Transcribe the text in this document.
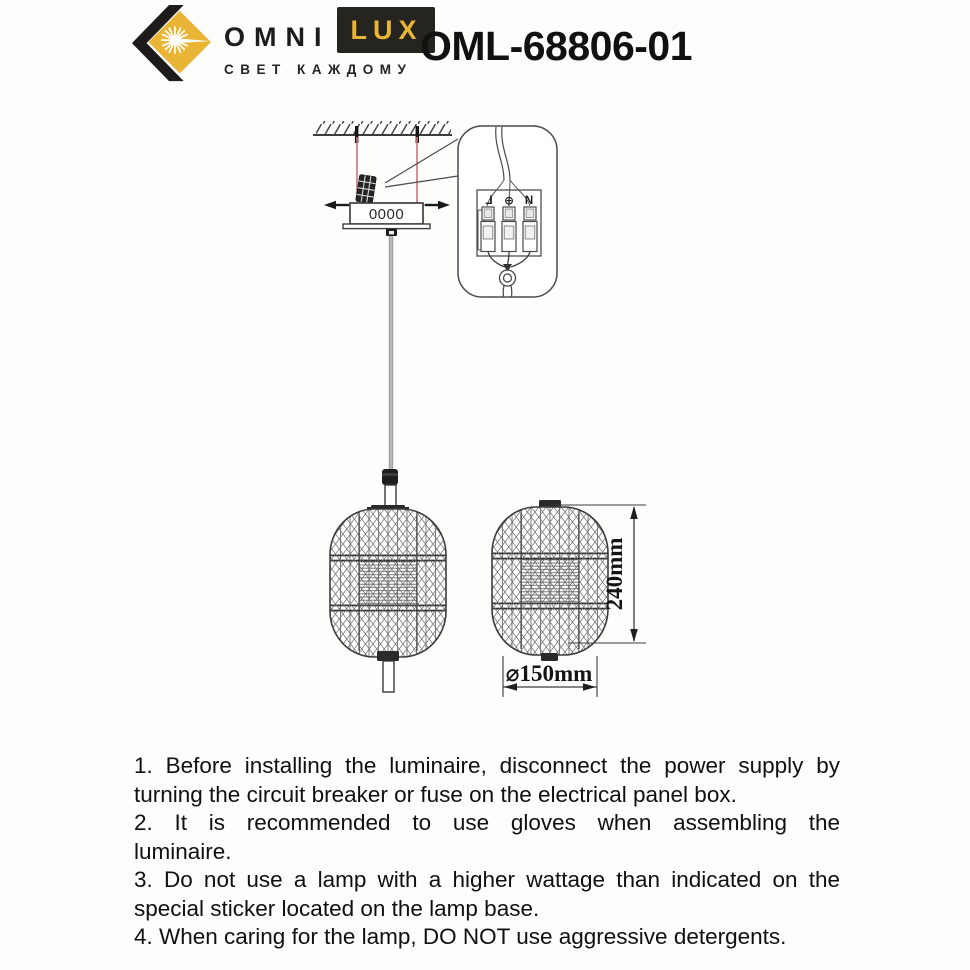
OMNI LUX
СВЕТ КАЖДОМУ
OML-68806-01
0000
L ⊕ N
240mm
⌀150mm
1. Before installing the luminaire, disconnect the power supply by
turning the circuit breaker or fuse on the electrical panel box.
2. It is recommended to use gloves when assembling the
luminaire.
3. Do not use a lamp with a higher wattage than indicated on the
special sticker located on the lamp base.
4. When caring for the lamp, DO NOT use aggressive detergents.
